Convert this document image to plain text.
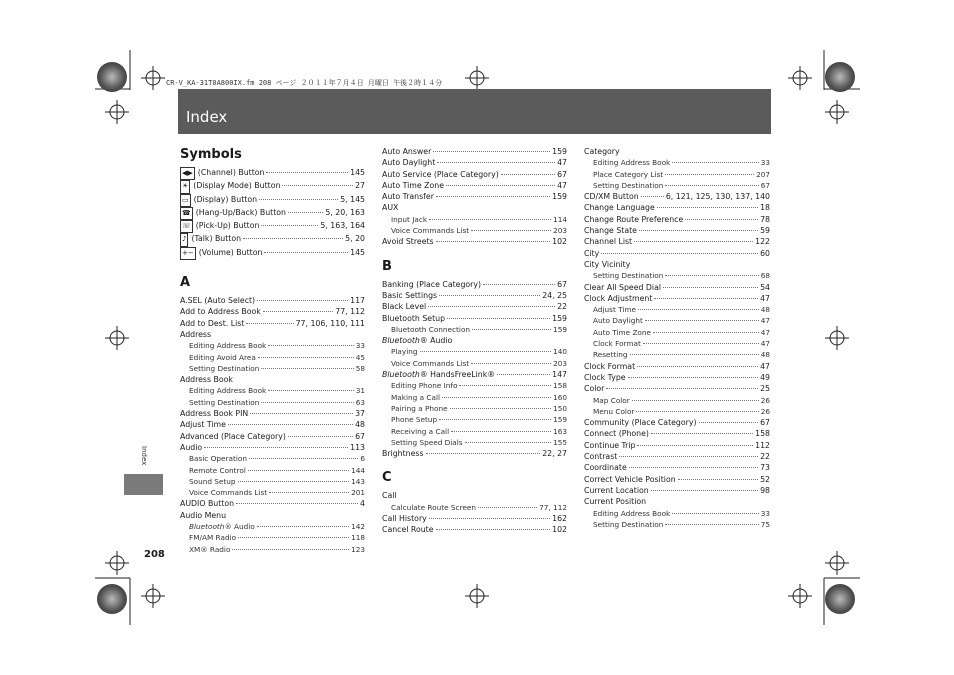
CR-V_KA-31T0A800IX.fm 208 ページ ２０１１年７月４日 月曜日 午後２時１４分
Index
Index
208
Symbols
◀▶ (Channel) Button	145
☀ (Display Mode) Button	27
▭ (Display) Button	5, 145
☎ (Hang-Up/Back) Button	5, 20, 163
☏ (Pick-Up) Button	5, 163, 164
♪ (Talk) Button	5, 20
+− (Volume) Button	145
A
A.SEL (Auto Select)	117
Add to Address Book	77, 112
Add to Dest. List	77, 106, 110, 111
Address
Editing Address Book	33
Editing Avoid Area	45
Setting Destination	58
Address Book
Editing Address Book	31
Setting Destination	63
Address Book PIN	37
Adjust Time	48
Advanced (Place Category)	67
Audio	113
Basic Operation	6
Remote Control	144
Sound Setup	143
Voice Commands List	201
AUDIO Button	4
Audio Menu
Bluetooth® Audio	142
FM/AM Radio	118
XM® Radio	123
Auto Answer	159
Auto Daylight	47
Auto Service (Place Category)	67
Auto Time Zone	47
Auto Transfer	159
AUX
Input Jack	114
Voice Commands List	203
Avoid Streets	102
B
Banking (Place Category)	67
Basic Settings	24, 25
Black Level	22
Bluetooth Setup	159
Bluetooth Connection	159
Bluetooth® Audio
Playing	140
Voice Commands List	203
Bluetooth® HandsFreeLink®	147
Editing Phone Info	158
Making a Call	160
Pairing a Phone	150
Phone Setup	159
Receiving a Call	163
Setting Speed Dials	155
Brightness	22, 27
C
Call
Calculate Route Screen	77, 112
Call History	162
Cancel Route	102
Category
Editing Address Book	33
Place Category List	207
Setting Destination	67
CD/XM Button	6, 121, 125, 130, 137, 140
Change Language	18
Change Route Preference	78
Change State	59
Channel List	122
City	60
City Vicinity
Setting Destination	68
Clear All Speed Dial	54
Clock Adjustment	47
Adjust Time	48
Auto Daylight	47
Auto Time Zone	47
Clock Format	47
Resetting	48
Clock Format	47
Clock Type	49
Color	25
Map Color	26
Menu Color	26
Community (Place Category)	67
Connect (Phone)	158
Continue Trip	112
Contrast	22
Coordinate	73
Correct Vehicle Position	52
Current Location	98
Current Position
Editing Address Book	33
Setting Destination	75
